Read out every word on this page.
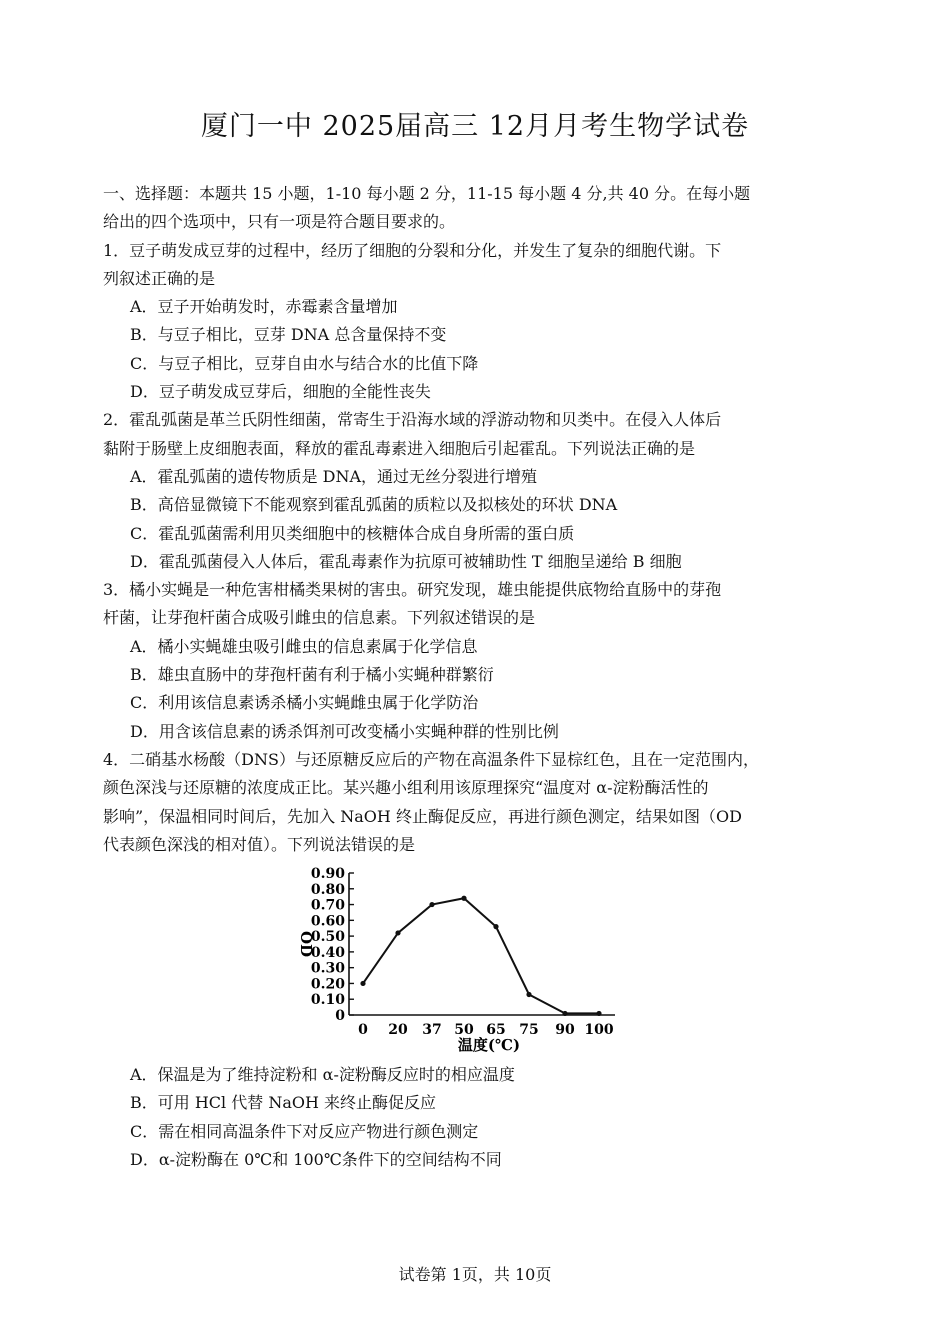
厦门一中 2025届高三 12月月考生物学试卷
一、选择题：本题共 15 小题，1-10 每小题 2 分，11-15 每小题 4 分,共 40 分。在每小题
给出的四个选项中，只有一项是符合题目要求的。
1．豆子萌发成豆芽的过程中，经历了细胞的分裂和分化，并发生了复杂的细胞代谢。下
列叙述正确的是
A．豆子开始萌发时，赤霉素含量增加
B．与豆子相比，豆芽 DNA 总含量保持不变
C．与豆子相比，豆芽自由水与结合水的比值下降
D．豆子萌发成豆芽后，细胞的全能性丧失
2．霍乱弧菌是革兰氏阴性细菌，常寄生于沿海水域的浮游动物和贝类中。在侵入人体后
黏附于肠壁上皮细胞表面，释放的霍乱毒素进入细胞后引起霍乱。下列说法正确的是
A．霍乱弧菌的遗传物质是 DNA，通过无丝分裂进行增殖
B．高倍显微镜下不能观察到霍乱弧菌的质粒以及拟核处的环状 DNA
C．霍乱弧菌需利用贝类细胞中的核糖体合成自身所需的蛋白质
D．霍乱弧菌侵入人体后，霍乱毒素作为抗原可被辅助性 T 细胞呈递给 B 细胞
3．橘小实蝇是一种危害柑橘类果树的害虫。研究发现，雄虫能提供底物给直肠中的芽孢
杆菌，让芽孢杆菌合成吸引雌虫的信息素。下列叙述错误的是
A．橘小实蝇雄虫吸引雌虫的信息素属于化学信息
B．雄虫直肠中的芽孢杆菌有利于橘小实蝇种群繁衍
C．利用该信息素诱杀橘小实蝇雌虫属于化学防治
D．用含该信息素的诱杀饵剂可改变橘小实蝇种群的性别比例
4．二硝基水杨酸（DNS）与还原糖反应后的产物在高温条件下显棕红色，且在一定范围内，
颜色深浅与还原糖的浓度成正比。某兴趣小组利用该原理探究“温度对 α-淀粉酶活性的
影响”，保温相同时间后，先加入 NaOH 终止酶促反应，再进行颜色测定，结果如图（OD
代表颜色深浅的相对值）。下列说法错误的是
0
0.10
0.20
0.30
0.40
0.50
0.60
0.70
0.80
0.90
0 20 37 50 65 75 90 100
OD
温度(℃)
A．保温是为了维持淀粉和 α-淀粉酶反应时的相应温度
B．可用 HCl 代替 NaOH 来终止酶促反应
C．需在相同高温条件下对反应产物进行颜色测定
D．α-淀粉酶在 0℃和 100℃条件下的空间结构不同
试卷第 1页，共 10页
